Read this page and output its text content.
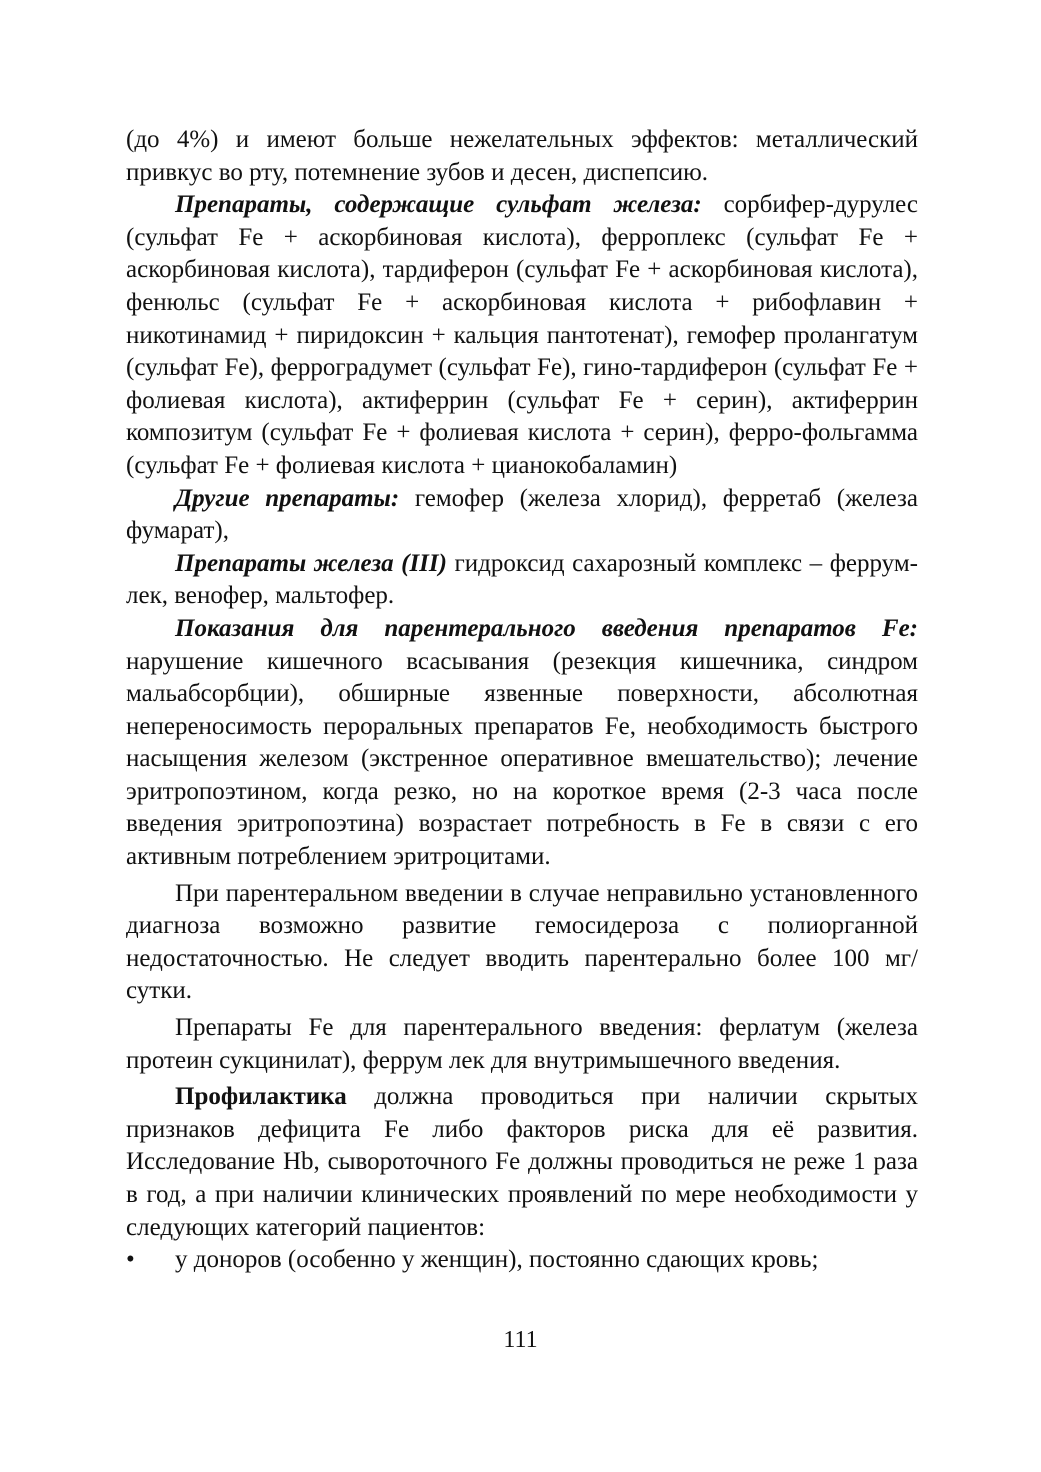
(до 4%) и имеют больше нежелательных эффектов: металлический привкус во рту, потемнение зубов и десен, диспепсию.

Препараты, содержащие сульфат железа: сорбифер-дурулес (сульфат Fe + аскорбиновая кислота), ферроплекс (сульфат Fe + аскорбиновая кислота), тардиферон (сульфат Fe + аскорбиновая кислота), фенюльс (сульфат Fe + аскорбиновая кислота + рибофлавин + никотинамид + пиридоксин + кальция пантотенат), гемофер пролангатум (сульфат Fe), ферроградумет (сульфат Fe), гино-тардиферон (сульфат Fe + фолиевая кислота), актиферрин (сульфат Fe + серин), актиферрин композитум (сульфат Fe + фолиевая кислота + серин), ферро-фольгамма (сульфат Fe + фолиевая кислота + цианокобаламин)

Другие препараты: гемофер (железа хлорид), ферретаб (железа фумарат),

Препараты железа (III) гидроксид сахарозный комплекс – феррум-лек, венофер, мальтофер.

Показания для парентерального введения препаратов Fe: нарушение кишечного всасывания (резекция кишечника, синдром мальабсорбции), обширные язвенные поверхности, абсолютная непереносимость пероральных препаратов Fe, необходимость быстрого насыщения железом (экстренное оперативное вмешательство); лечение эритропоэтином, когда резко, но на короткое время (2-3 часа после введения эритропоэтина) возрастает потребность в Fe в связи с его активным потреблением эритроцитами.

При парентеральном введении в случае неправильно установленного диагноза возможно развитие гемосидероза с полиорганной недостаточностью. Не следует вводить парентерально более 100 мг/сутки.

Препараты Fe для парентерального введения: ферлатум (железа протеин сукцинилат), феррум лек для внутримышечного введения.

Профилактика должна проводиться при наличии скрытых признаков дефицита Fe либо факторов риска для её развития. Исследование Hb, сывороточного Fe должны проводиться не реже 1 раза в год, а при наличии клинических проявлений по мере необходимости у следующих категорий пациентов:

•	у доноров (особенно у женщин), постоянно сдающих кровь;
111
